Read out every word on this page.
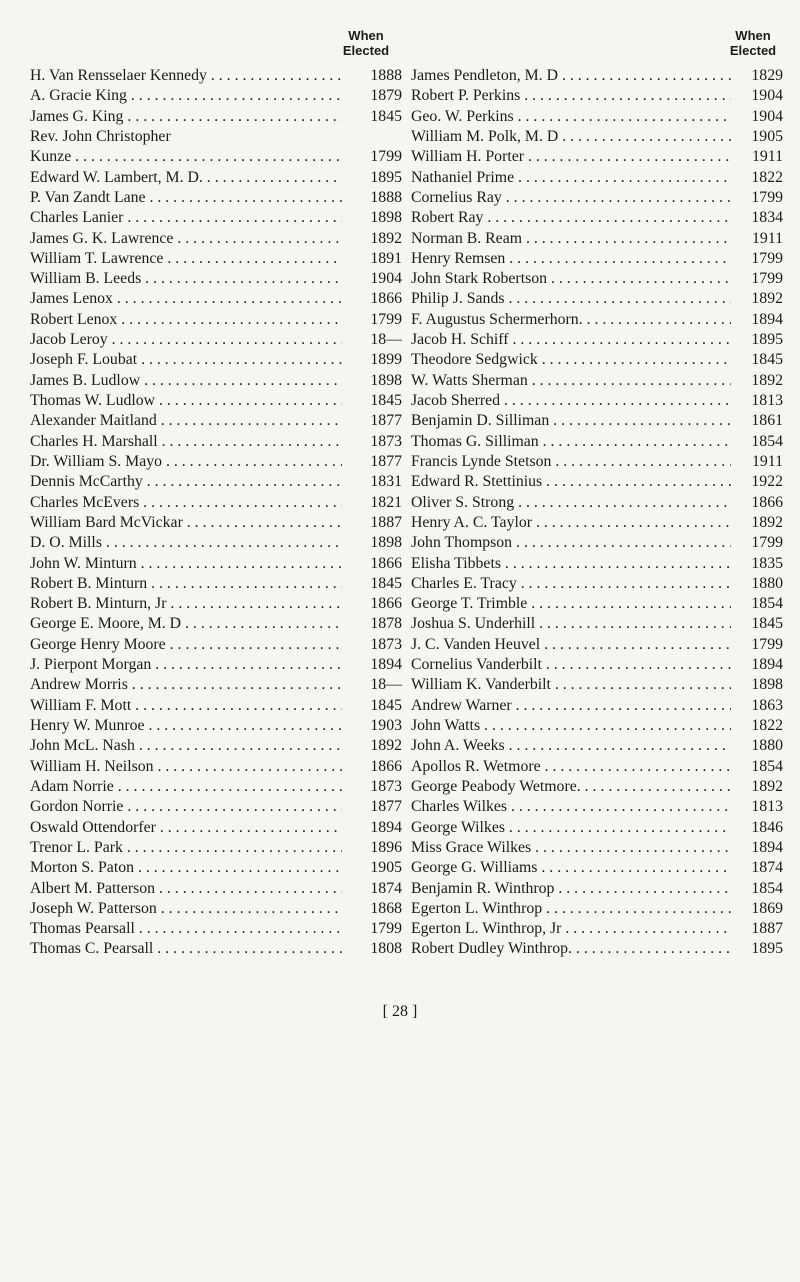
When
Elected
H. Van Rensselaer Kennedy . . .	1888
A. Gracie King . . .	1879
James G. King . . .	1845
Rev. John Christopher
Kunze . . .	1799
Edward W. Lambert, M. D. . . .	1895
P. Van Zandt Lane . . .	1888
Charles Lanier . . .	1898
James G. K. Lawrence . . .	1892
William T. Lawrence . . .	1891
William B. Leeds . . .	1904
James Lenox . . .	1866
Robert Lenox . . .	1799
Jacob Leroy . . .	18—
Joseph F. Loubat . . .	1899
James B. Ludlow . . .	1898
Thomas W. Ludlow . . .	1845
Alexander Maitland . . .	1877
Charles H. Marshall . . .	1873
Dr. William S. Mayo . . .	1877
Dennis McCarthy . . .	1831
Charles McEvers . . .	1821
William Bard McVickar . . .	1887
D. O. Mills . . .	1898
John W. Minturn . . .	1866
Robert B. Minturn . . .	1845
Robert B. Minturn, Jr . . .	1866
George E. Moore, M. D . . .	1878
George Henry Moore . . .	1873
J. Pierpont Morgan . . .	1894
Andrew Morris . . .	18—
William F. Mott . . .	1845
Henry W. Munroe . . .	1903
John McL. Nash . . .	1892
William H. Neilson . . .	1866
Adam Norrie . . .	1873
Gordon Norrie . . .	1877
Oswald Ottendorfer . . .	1894
Trenor L. Park . . .	1896
Morton S. Paton . . .	1905
Albert M. Patterson . . .	1874
Joseph W. Patterson . . .	1868
Thomas Pearsall . . .	1799
Thomas C. Pearsall . . .	1808
When
Elected
James Pendleton, M. D . . .	1829
Robert P. Perkins . . .	1904
Geo. W. Perkins . . .	1904
William M. Polk, M. D . . .	1905
William H. Porter . . .	1911
Nathaniel Prime . . .	1822
Cornelius Ray . . .	1799
Robert Ray . . .	1834
Norman B. Ream . . .	1911
Henry Remsen . . .	1799
John Stark Robertson . . .	1799
Philip J. Sands . . .	1892
F. Augustus Schermerhorn. . . .	1894
Jacob H. Schiff . . .	1895
Theodore Sedgwick . . .	1845
W. Watts Sherman . . .	1892
Jacob Sherred . . .	1813
Benjamin D. Silliman . . .	1861
Thomas G. Silliman . . .	1854
Francis Lynde Stetson . . .	1911
Edward R. Stettinius . . .	1922
Oliver S. Strong . . .	1866
Henry A. C. Taylor . . .	1892
John Thompson . . .	1799
Elisha Tibbets . . .	1835
Charles E. Tracy . . .	1880
George T. Trimble . . .	1854
Joshua S. Underhill . . .	1845
J. C. Vanden Heuvel . . .	1799
Cornelius Vanderbilt . . .	1894
William K. Vanderbilt . . .	1898
Andrew Warner . . .	1863
John Watts . . .	1822
John A. Weeks . . .	1880
Apollos R. Wetmore . . .	1854
George Peabody Wetmore. . . .	1892
Charles Wilkes . . .	1813
George Wilkes . . .	1846
Miss Grace Wilkes . . .	1894
George G. Williams . . .	1874
Benjamin R. Winthrop . . .	1854
Egerton L. Winthrop . . .	1869
Egerton L. Winthrop, Jr . . .	1887
Robert Dudley Winthrop. . . .	1895
[ 28 ]
